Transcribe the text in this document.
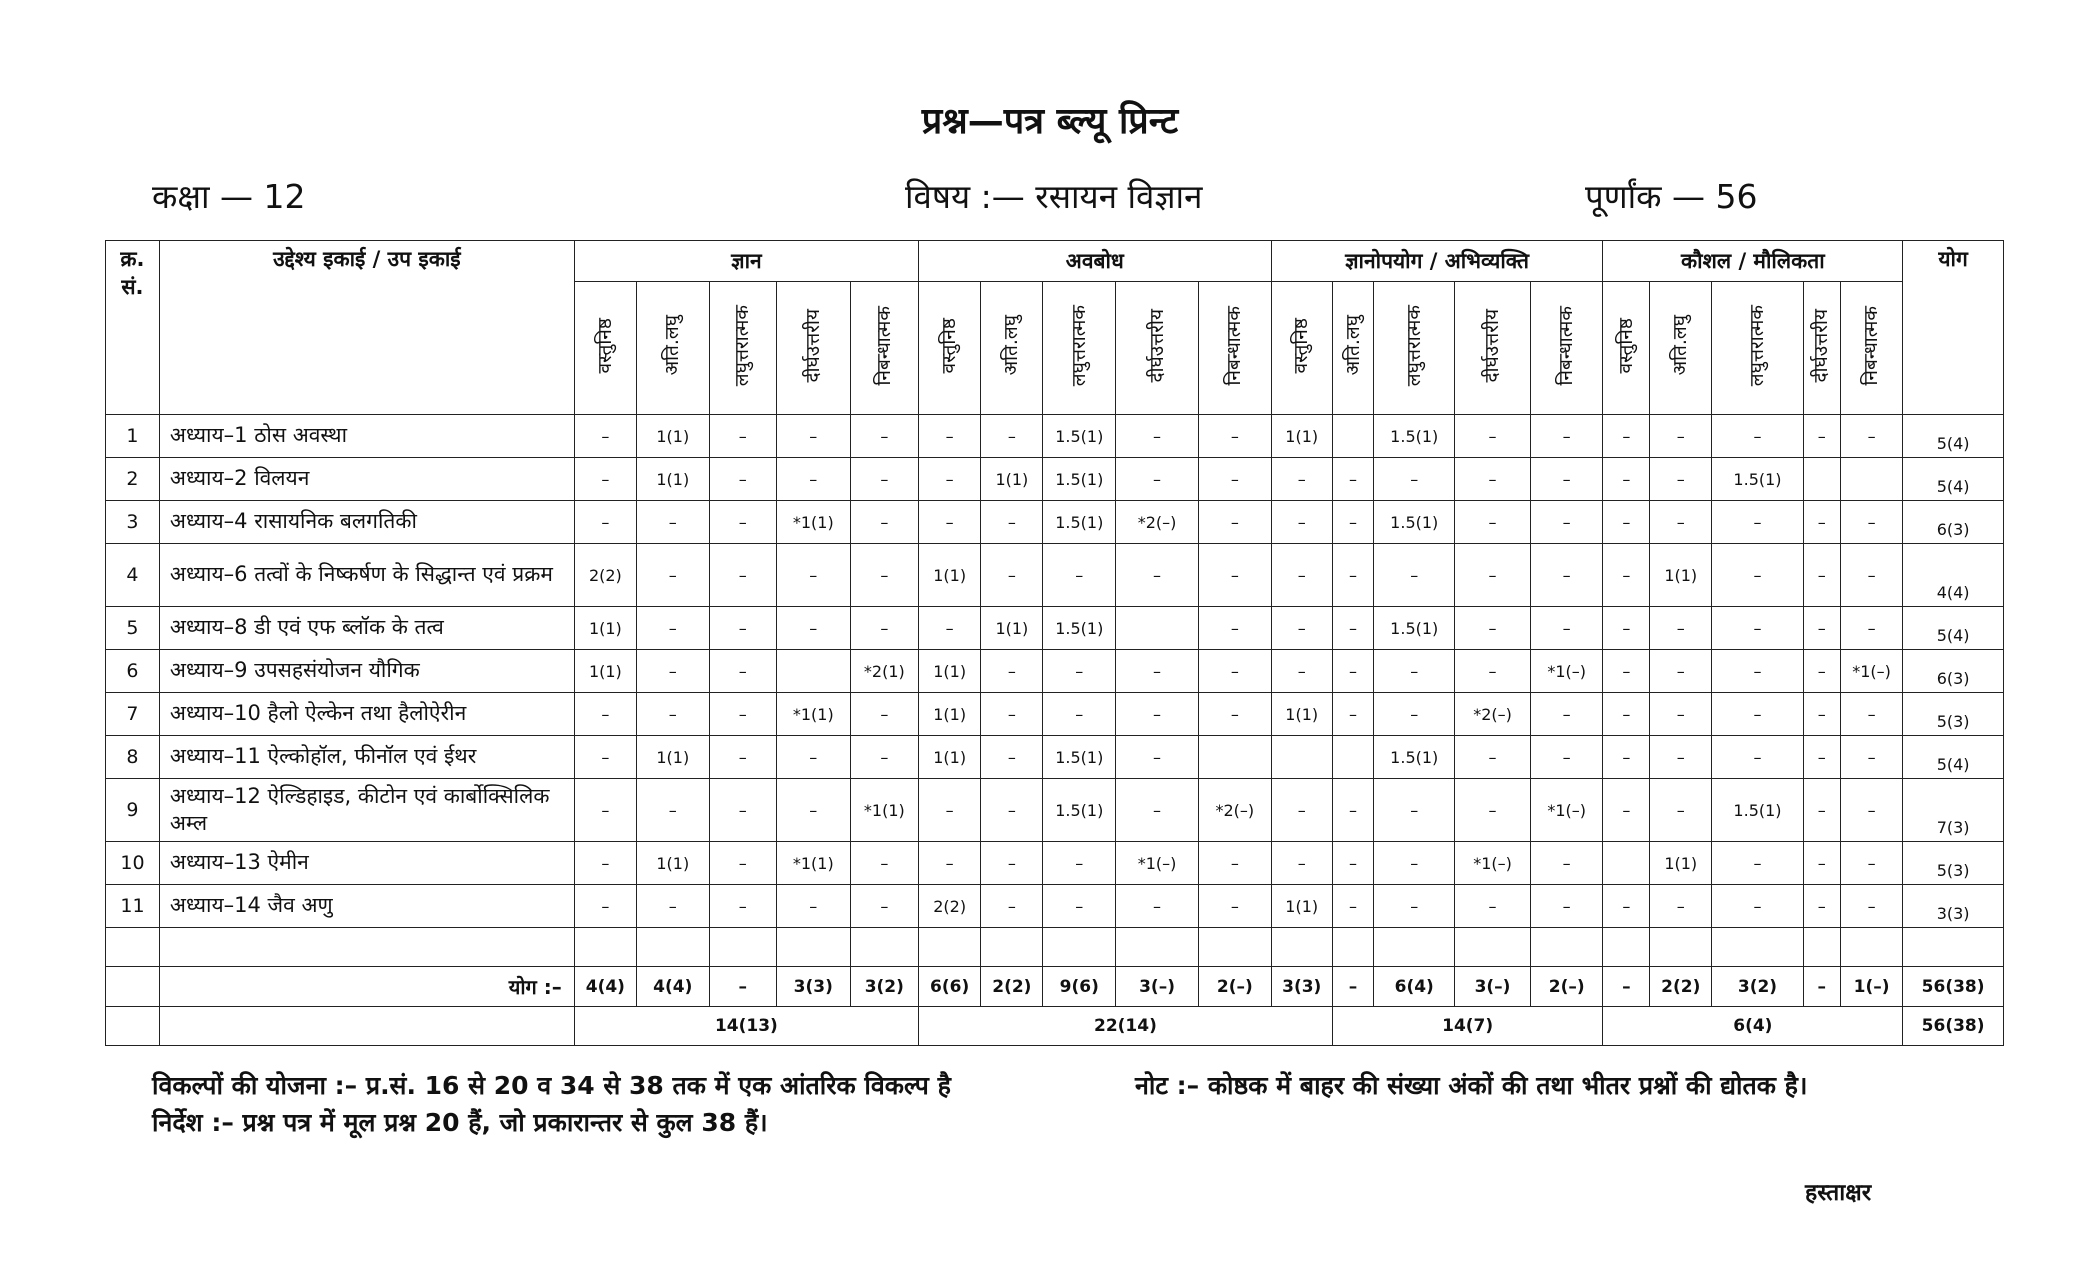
प्रश्न—पत्र ब्ल्यू प्रिन्ट
कक्षा — 12	विषय :— रसायन विज्ञान	पूर्णांक — 56
क्र. सं.	उद्देश्य इकाई / उप इकाई	ज्ञान					अवबोध					ज्ञानोपयोग / अभिव्यक्ति					कौशल / मौलिकता					योग
		वस्तुनिष्ठ	अति.लघु	लघुत्तरात्मक	दीर्घउत्तरीय	निबन्धात्मक	वस्तुनिष्ठ	अति.लघु	लघुत्तरात्मक	दीर्घउत्तरीय	निबन्धात्मक	वस्तुनिष्ठ	अति.लघु	लघुत्तरात्मक	दीर्घउत्तरीय	निबन्धात्मक	वस्तुनिष्ठ	अति.लघु	लघुत्तरात्मक	दीर्घउत्तरीय	निबन्धात्मक	
1	अध्याय–1 ठोस अवस्था	–	1(1)	–	–	–	–	–	1.5(1)	–	–	1(1)		1.5(1)	–	–	–	–	–	–	–	5(4)
2	अध्याय–2 विलयन	–	1(1)	–	–	–	–	1(1)	1.5(1)	–	–	–	–	–	–	–	–	–	1.5(1)			5(4)
3	अध्याय–4 रासायनिक बलगतिकी	–	–	–	*1(1)	–	–	–	1.5(1)	*2(–)	–	–	–	1.5(1)	–	–	–	–	–	–	–	6(3)
4	अध्याय–6 तत्वों के निष्कर्षण के सिद्धान्त एवं प्रक्रम	2(2)	–	–	–	–	1(1)	–	–	–	–	–	–	–	–	–	–	1(1)	–	–	–	4(4)
5	अध्याय–8 डी एवं एफ ब्लॉक के तत्व	1(1)	–	–	–	–	–	1(1)	1.5(1)		–	–	–	1.5(1)	–	–	–	–	–	–	–	5(4)
6	अध्याय–9 उपसहसंयोजन यौगिक	1(1)	–	–		*2(1)	1(1)	–	–	–	–	–	–	–	–	*1(–)	–	–	–	–	*1(–)	6(3)
7	अध्याय–10 हैलो ऐल्केन तथा हैलोऐरीन	–	–	–	*1(1)	–	1(1)	–	–	–	–	1(1)	–	–	*2(–)	–	–	–	–	–	–	5(3)
8	अध्याय–11 ऐल्कोहॉल, फीनॉल एवं ईथर	–	1(1)	–	–	–	1(1)	–	1.5(1)	–				1.5(1)	–	–	–	–	–	–	–	5(4)
9	अध्याय–12 ऐल्डिहाइड, कीटोन एवं कार्बोक्सिलिक अम्ल	–	–	–	–	*1(1)	–	–	1.5(1)	–	*2(–)	–	–	–	–	*1(–)	–	–	1.5(1)	–	–	7(3)
10	अध्याय–13 ऐमीन	–	1(1)	–	*1(1)	–	–	–	–	*1(–)	–	–	–	–	*1(–)	–		1(1)	–	–	–	5(3)
11	अध्याय–14 जैव अणु	–	–	–	–	–	2(2)	–	–	–	–	1(1)	–	–	–	–	–	–	–	–	–	3(3)

	योग :–	4(4)	4(4)	–	3(3)	3(2)	6(6)	2(2)	9(6)	3(–)	2(–)	3(3)	–	6(4)	3(–)	2(–)	–	2(2)	3(2)	–	1(–)	56(38)
		14(13)					22(14)						14(7)				6(4)					56(38)
विकल्पों की योजना :– प्र.सं. 16 से 20 व 34 से 38 तक में एक आंतरिक विकल्प है	नोट :– कोष्ठक में बाहर की संख्या अंकों की तथा भीतर प्रश्नों की द्योतक है।
निर्देश :– प्रश्न पत्र में मूल प्रश्न 20 हैं, जो प्रकारान्तर से कुल 38 हैं।
हस्ताक्षर
